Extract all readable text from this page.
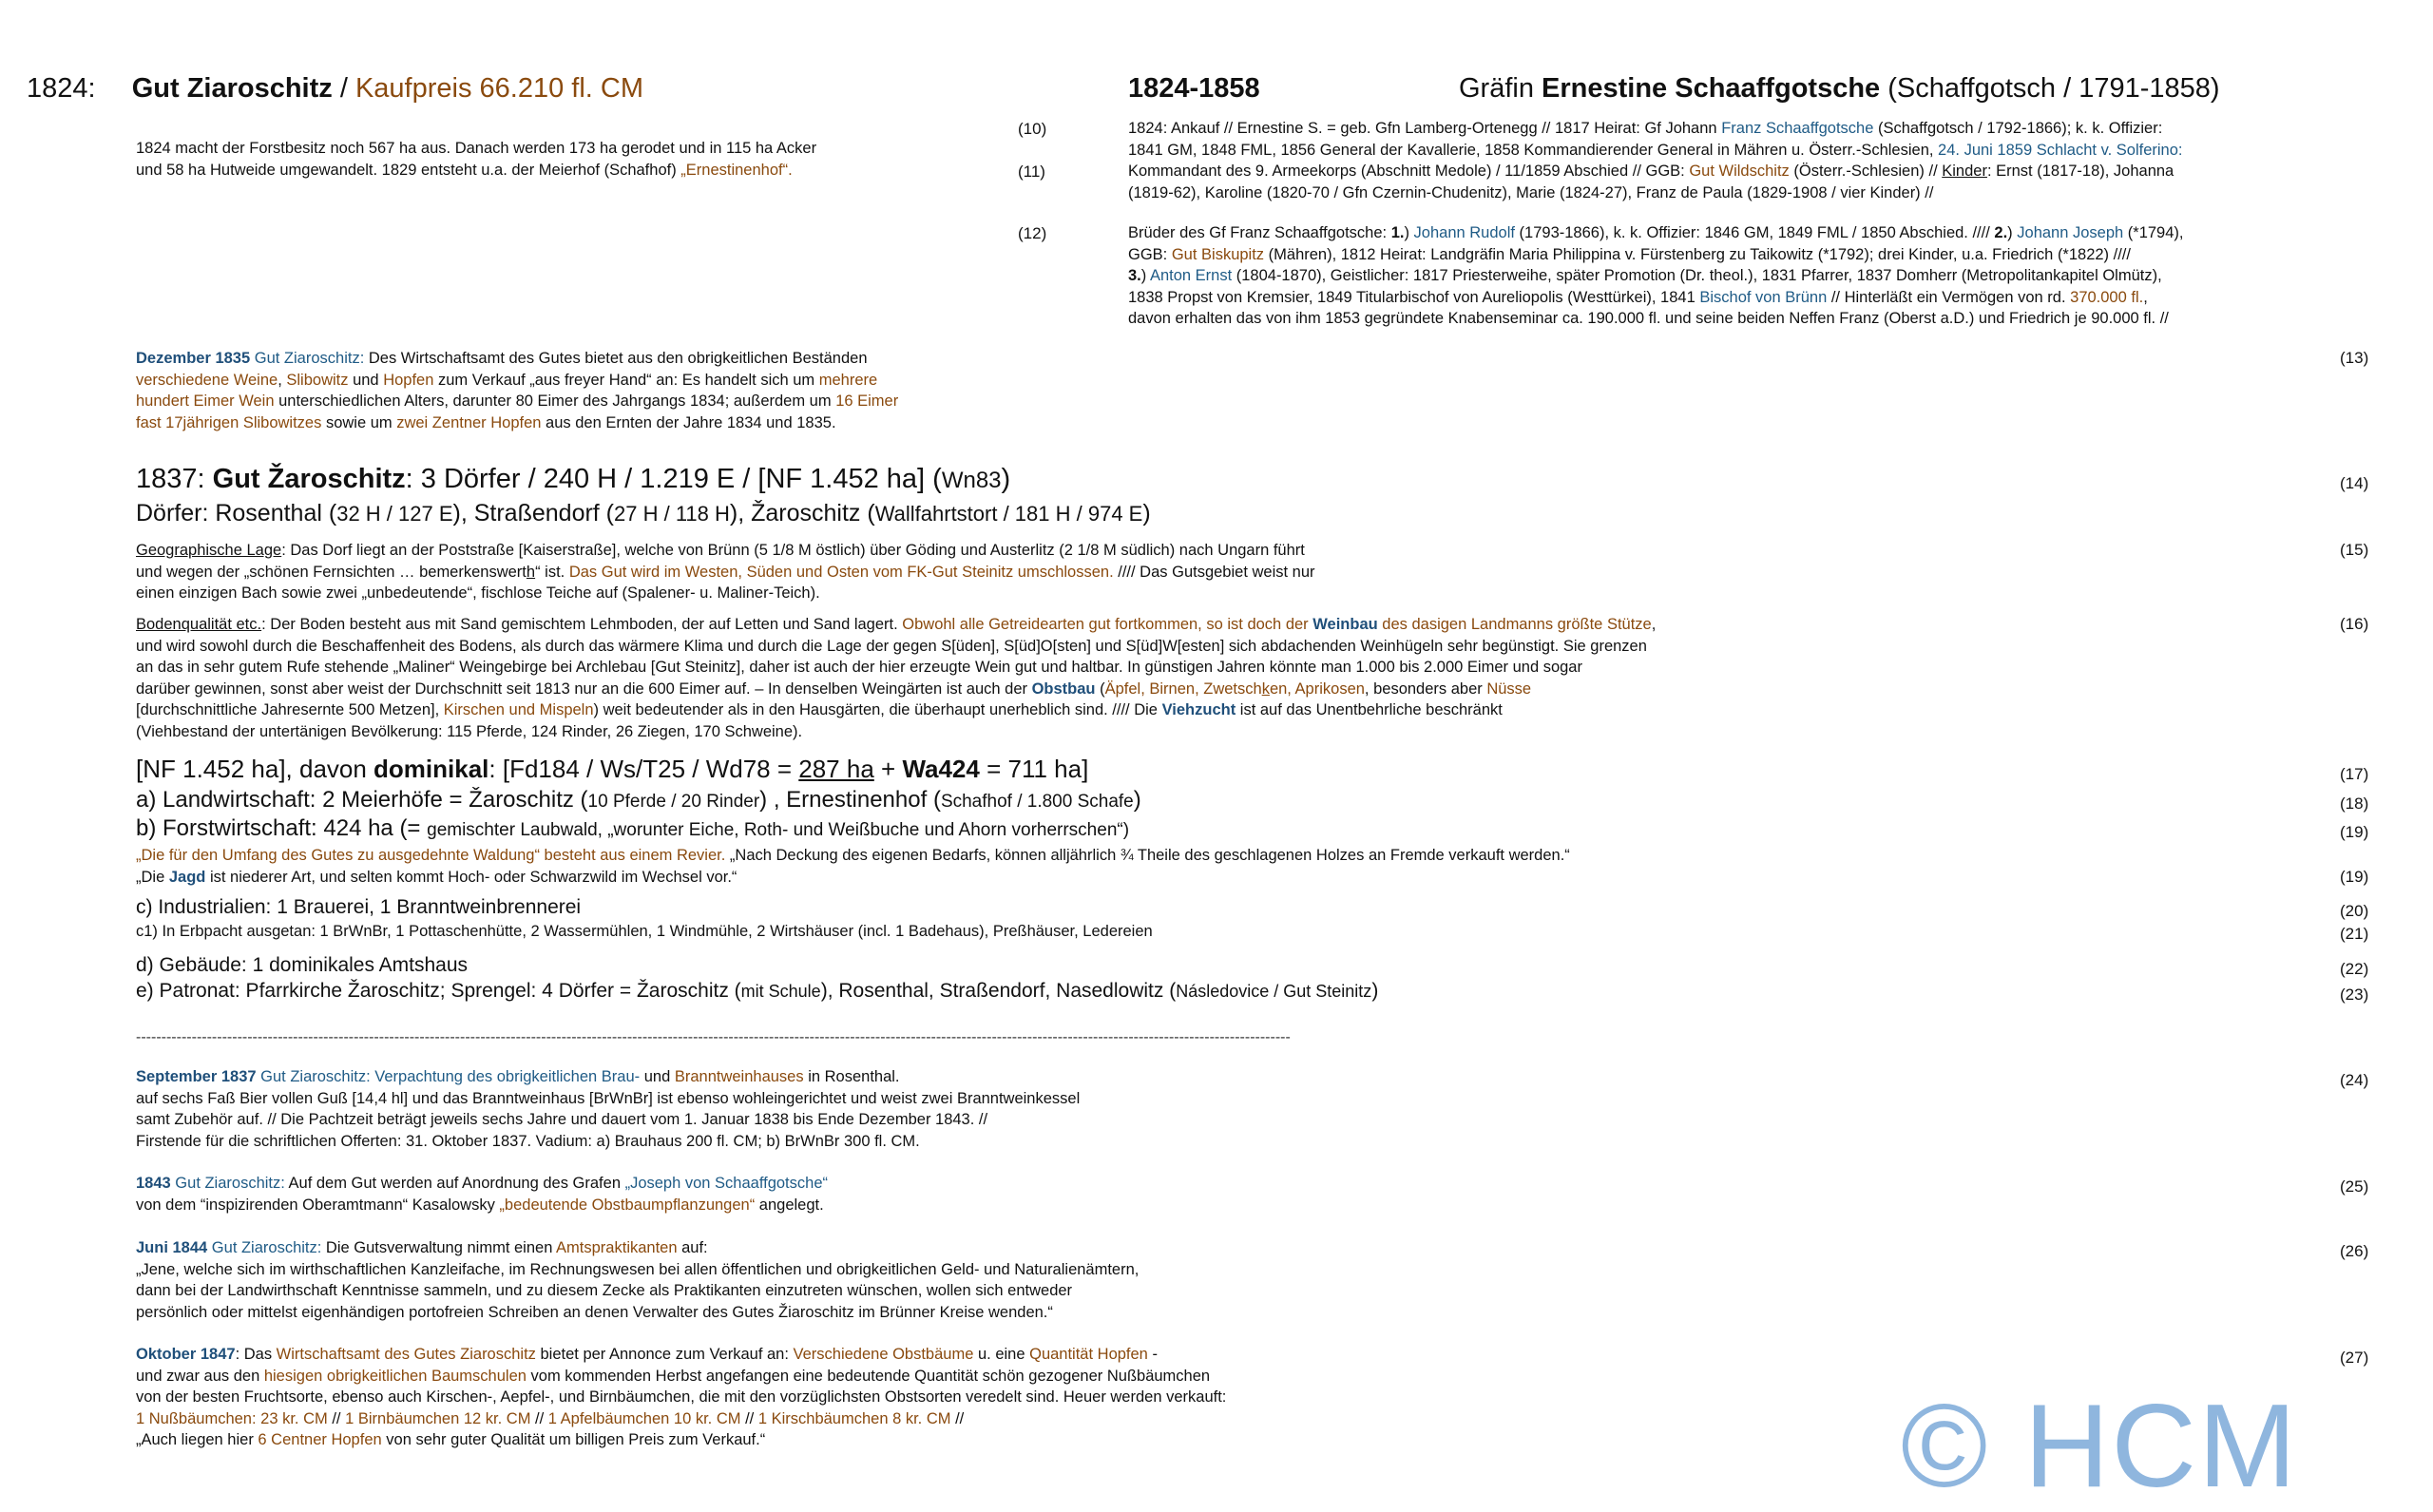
1824: Gut Ziaroschitz / Kaufpreis 66.210 fl. CM	1824-1858	Gräfin Ernestine Schaaffgotsche (Schaffgotsch / 1791-1858)
(10)
(11)
(12)
(13)
(14)
(15)
(16)
(17)
(18)
(19)
(19)
(20)
(21)
(22)
(23)
(24)
(25)
(26)
(27)
1824 macht der Forstbesitz noch 567 ha aus. Danach werden 173 ha gerodet und in 115 ha Acker
und 58 ha Hutweide umgewandelt. 1829 entsteht u.a. der Meierhof (Schafhof) „Ernestinenhof“.
1824: Ankauf // Ernestine S. = geb. Gfn Lamberg-Ortenegg // 1817 Heirat: Gf Johann Franz Schaaffgotsche (Schaffgotsch / 1792-1866); k. k. Offizier:
1841 GM, 1848 FML, 1856 General der Kavallerie, 1858 Kommandierender General in Mähren u. Österr.-Schlesien, 24. Juni 1859 Schlacht v. Solferino:
Kommandant des 9. Armeekorps (Abschnitt Medole) / 11/1859 Abschied // GGB: Gut Wildschitz (Österr.-Schlesien) // Kinder: Ernst (1817-18), Johanna
(1819-62), Karoline (1820-70 / Gfn Czernin-Chudenitz), Marie (1824-27), Franz de Paula (1829-1908 / vier Kinder) //
Brüder des Gf Franz Schaaffgotsche: 1.) Johann Rudolf (1793-1866), k. k. Offizier: 1846 GM, 1849 FML / 1850 Abschied. //// 2.) Johann Joseph (*1794),
GGB: Gut Biskupitz (Mähren), 1812 Heirat: Landgräfin Maria Philippina v. Fürstenberg zu Taikowitz (*1792); drei Kinder, u.a. Friedrich (*1822) ////
3.) Anton Ernst (1804-1870), Geistlicher: 1817 Priesterweihe, später Promotion (Dr. theol.), 1831 Pfarrer, 1837 Domherr (Metropolitankapitel Olmütz),
1838 Propst von Kremsier, 1849 Titularbischof von Aureliopolis (Westtürkei), 1841 Bischof von Brünn // Hinterläßt ein Vermögen von rd. 370.000 fl.,
davon erhalten das von ihm 1853 gegründete Knabenseminar ca. 190.000 fl. und seine beiden Neffen Franz (Oberst a.D.) und Friedrich je 90.000 fl. //
Dezember 1835 Gut Ziaroschitz: Des Wirtschaftsamt des Gutes bietet aus den obrigkeitlichen Beständen
verschiedene Weine, Slibowitz und Hopfen zum Verkauf „aus freyer Hand“ an: Es handelt sich um mehrere
hundert Eimer Wein unterschiedlichen Alters, darunter 80 Eimer des Jahrgangs 1834; außerdem um 16 Eimer
fast 17jährigen Slibowitzes sowie um zwei Zentner Hopfen aus den Ernten der Jahre 1834 und 1835.
1837: Gut Žaroschitz: 3 Dörfer / 240 H / 1.219 E / [NF 1.452 ha] (Wn83)
Dörfer: Rosenthal (32 H / 127 E), Straßendorf (27 H / 118 H), Žaroschitz (Wallfahrtstort / 181 H / 974 E)
Geographische Lage: Das Dorf liegt an der Poststraße [Kaiserstraße], welche von Brünn (5 1/8 M östlich) über Göding und Austerlitz (2 1/8 M südlich) nach Ungarn führt
und wegen der „schönen Fernsichten … bemerkenswerth“ ist. Das Gut wird im Westen, Süden und Osten vom FK-Gut Steinitz umschlossen. //// Das Gutsgebiet weist nur
einen einzigen Bach sowie zwei „unbedeutende“, fischlose Teiche auf (Spalener- u. Maliner-Teich).
Bodenqualität etc.: Der Boden besteht aus mit Sand gemischtem Lehmboden, der auf Letten und Sand lagert. Obwohl alle Getreidearten gut fortkommen, so ist doch der Weinbau des dasigen Landmanns größte Stütze,
und wird sowohl durch die Beschaffenheit des Bodens, als durch das wärmere Klima und durch die Lage der gegen S[üden], S[üd]O[sten] und S[üd]W[esten] sich abdachenden Weinhügeln sehr begünstigt. Sie grenzen
an das in sehr gutem Rufe stehende „Maliner“ Weingebirge bei Archlebau [Gut Steinitz], daher ist auch der hier erzeugte Wein gut und haltbar. In günstigen Jahren könnte man 1.000 bis 2.000 Eimer und sogar
darüber gewinnen, sonst aber weist der Durchschnitt seit 1813 nur an die 600 Eimer auf. – In denselben Weingärten ist auch der Obstbau (Äpfel, Birnen, Zwetschken, Aprikosen, besonders aber Nüsse
[durchschnittliche Jahresernte 500 Metzen], Kirschen und Mispeln) weit bedeutender als in den Hausgärten, die überhaupt unerheblich sind. //// Die Viehzucht ist auf das Unentbehrliche beschränkt
(Viehbestand der untertänigen Bevölkerung: 115 Pferde, 124 Rinder, 26 Ziegen, 170 Schweine).
[NF 1.452 ha], davon dominikal: [Fd184 / Ws/T25 / Wd78 = 287 ha + Wa424 = 711 ha]
a) Landwirtschaft: 2 Meierhöfe = Žaroschitz (10 Pferde / 20 Rinder) , Ernestinenhof (Schafhof / 1.800 Schafe)
b) Forstwirtschaft: 424 ha (= gemischter Laubwald, „worunter Eiche, Roth- und Weißbuche und Ahorn vorherrschen“)
„Die für den Umfang des Gutes zu ausgedehnte Waldung“ besteht aus einem Revier. „Nach Deckung des eigenen Bedarfs, können alljährlich ¾ Theile des geschlagenen Holzes an Fremde verkauft werden.“
„Die Jagd ist niederer Art, und selten kommt Hoch- oder Schwarzwild im Wechsel vor.“
c) Industrialien: 1 Brauerei, 1 Branntweinbrennerei
c1) In Erbpacht ausgetan: 1 BrWnBr, 1 Pottaschenhütte, 2 Wassermühlen, 1 Windmühle, 2 Wirtshäuser (incl. 1 Badehaus), Preßhäuser, Ledereien
d) Gebäude: 1 dominikales Amtshaus
e) Patronat: Pfarrkirche Žaroschitz; Sprengel: 4 Dörfer = Žaroschitz (mit Schule), Rosenthal, Straßendorf, Nasedlowitz (Následovice / Gut Steinitz)
------------------------------------------------------------------------------------------------------------------------------------------------------------------------------------------------------------------------------------
September 1837 Gut Ziaroschitz: Verpachtung des obrigkeitlichen Brau- und Branntweinhauses in Rosenthal.
auf sechs Faß Bier vollen Guß [14,4 hl] und das Branntweinhaus [BrWnBr] ist ebenso wohleingerichtet und weist zwei Branntweinkessel
samt Zubehör auf. // Die Pachtzeit beträgt jeweils sechs Jahre und dauert vom 1. Januar 1838 bis Ende Dezember 1843. //
Firstende für die schriftlichen Offerten: 31. Oktober 1837. Vadium: a) Brauhaus 200 fl. CM; b) BrWnBr 300 fl. CM.
1843 Gut Ziaroschitz: Auf dem Gut werden auf Anordnung des Grafen „Joseph von Schaaffgotsche“
von dem “inspizirenden Oberamtmann“ Kasalowsky „bedeutende Obstbaumpflanzungen“ angelegt.
Juni 1844 Gut Ziaroschitz: Die Gutsverwaltung nimmt einen Amtspraktikanten auf:
„Jene, welche sich im wirthschaftlichen Kanzleifache, im Rechnungswesen bei allen öffentlichen und obrigkeitlichen Geld- und Naturalienämtern,
dann bei der Landwirthschaft Kenntnisse sammeln, und zu diesem Zecke als Praktikanten einzutreten wünschen, wollen sich entweder
persönlich oder mittelst eigenhändigen portofreien Schreiben an denen Verwalter des Gutes Žiaroschitz im Brünner Kreise wenden.“
Oktober 1847: Das Wirtschaftsamt des Gutes Ziaroschitz bietet per Annonce zum Verkauf an: Verschiedene Obstbäume u. eine Quantität Hopfen -
und zwar aus den hiesigen obrigkeitlichen Baumschulen vom kommenden Herbst angefangen eine bedeutende Quantität schön gezogener Nußbäumchen
von der besten Fruchtsorte, ebenso auch Kirschen-, Aepfel-, und Birnbäumchen, die mit den vorzüglichsten Obstsorten veredelt sind. Heuer werden verkauft:
1 Nußbäumchen: 23 kr. CM // 1 Birnbäumchen 12 kr. CM // 1 Apfelbäumchen 10 kr. CM // 1 Kirschbäumchen 8 kr. CM //
„Auch liegen hier 6 Centner Hopfen von sehr guter Qualität um billigen Preis zum Verkauf.“	© HCM
